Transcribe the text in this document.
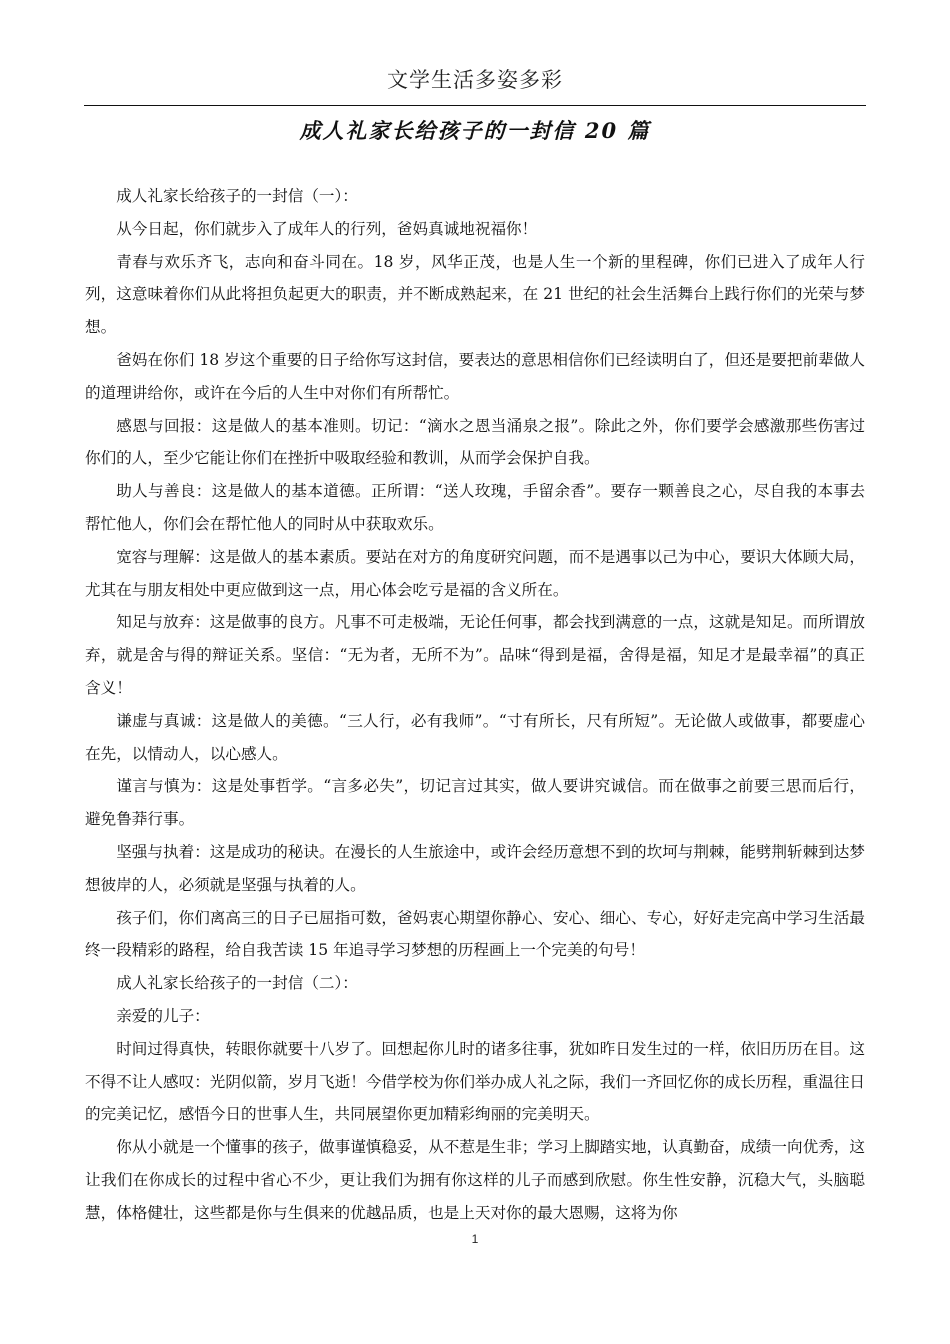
文学生活多姿多彩
成人礼家长给孩子的一封信 20 篇

成人礼家长给孩子的一封信（一）：

从今日起，你们就步入了成年人的行列，爸妈真诚地祝福你！

青春与欢乐齐飞，志向和奋斗同在。18 岁，风华正茂，也是人生一个新的里程碑，你们已进入了成年人行列，这意味着你们从此将担负起更大的职责，并不断成熟起来，在 21 世纪的社会生活舞台上践行你们的光荣与梦想。

爸妈在你们 18 岁这个重要的日子给你写这封信，要表达的意思相信你们已经读明白了，但还是要把前辈做人的道理讲给你，或许在今后的人生中对你们有所帮忙。

感恩与回报：这是做人的基本准则。切记：“滴水之恩当涌泉之报”。除此之外，你们要学会感激那些伤害过你们的人，至少它能让你们在挫折中吸取经验和教训，从而学会保护自我。

助人与善良：这是做人的基本道德。正所谓：“送人玫瑰，手留余香”。要存一颗善良之心，尽自我的本事去帮忙他人，你们会在帮忙他人的同时从中获取欢乐。

宽容与理解：这是做人的基本素质。要站在对方的角度研究问题，而不是遇事以己为中心，要识大体顾大局，尤其在与朋友相处中更应做到这一点，用心体会吃亏是福的含义所在。

知足与放弃：这是做事的良方。凡事不可走极端，无论任何事，都会找到满意的一点，这就是知足。而所谓放弃，就是舍与得的辩证关系。坚信：“无为者，无所不为”。品味“得到是福，舍得是福，知足才是最幸福”的真正含义！

谦虚与真诚：这是做人的美德。“三人行，必有我师”。“寸有所长，尺有所短”。无论做人或做事，都要虚心在先，以情动人，以心感人。

谨言与慎为：这是处事哲学。“言多必失”，切记言过其实，做人要讲究诚信。而在做事之前要三思而后行，避免鲁莽行事。

坚强与执着：这是成功的秘诀。在漫长的人生旅途中，或许会经历意想不到的坎坷与荆棘，能劈荆斩棘到达梦想彼岸的人，必须就是坚强与执着的人。

孩子们，你们离高三的日子已屈指可数，爸妈衷心期望你静心、安心、细心、专心，好好走完高中学习生活最终一段精彩的路程，给自我苦读 15 年追寻学习梦想的历程画上一个完美的句号！

成人礼家长给孩子的一封信（二）：

亲爱的儿子：

时间过得真快，转眼你就要十八岁了。回想起你儿时的诸多往事，犹如昨日发生过的一样，依旧历历在目。这不得不让人感叹：光阴似箭，岁月飞逝！今借学校为你们举办成人礼之际，我们一齐回忆你的成长历程，重温往日的完美记忆，感悟今日的世事人生，共同展望你更加精彩绚丽的完美明天。

你从小就是一个懂事的孩子，做事谨慎稳妥，从不惹是生非；学习上脚踏实地，认真勤奋，成绩一向优秀，这让我们在你成长的过程中省心不少，更让我们为拥有你这样的儿子而感到欣慰。你生性安静，沉稳大气，头脑聪慧，体格健壮，这些都是你与生俱来的优越品质，也是上天对你的最大恩赐，这将为你

1
